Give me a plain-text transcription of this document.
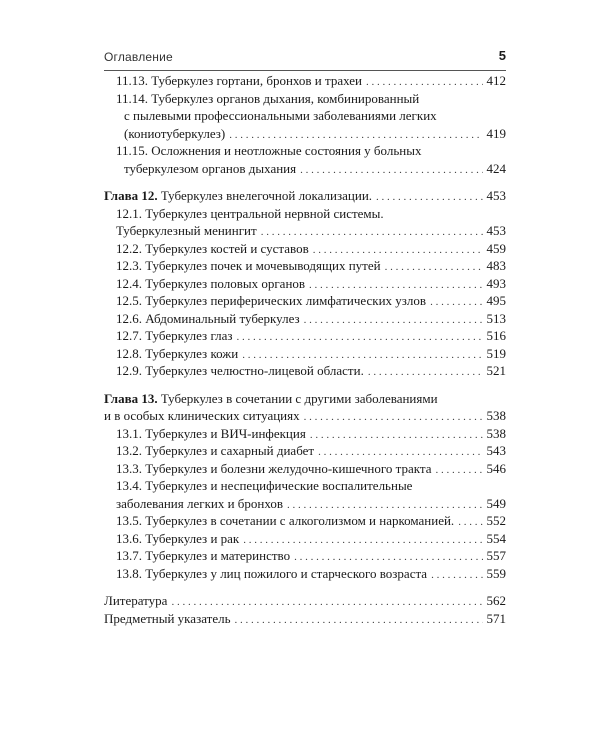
Оглавление	5
11.13. Туберкулез гортани, бронхов и трахеи . . .	412
11.14. Туберкулез органов дыхания, комбинированный
с пылевыми профессиональными заболеваниями легких
(кониотуберкулез) . . .	419
11.15. Осложнения и неотложные состояния у больных
туберкулезом органов дыхания . . .	424
Глава 12. Туберкулез внелегочной локализации. . . .	453
12.1. Туберкулез центральной нервной системы.
Туберкулезный менингит . . .	453
12.2. Туберкулез костей и суставов . . .	459
12.3. Туберкулез почек и мочевыводящих путей . . .	483
12.4. Туберкулез половых органов . . .	493
12.5. Туберкулез периферических лимфатических узлов . . .	495
12.6. Абдоминальный туберкулез . . .	513
12.7. Туберкулез глаз . . .	516
12.8. Туберкулез кожи . . .	519
12.9. Туберкулез челюстно-лицевой области. . . .	521
Глава 13. Туберкулез в сочетании с другими заболеваниями
и в особых клинических ситуациях . . .	538
13.1. Туберкулез и ВИЧ-инфекция . . .	538
13.2. Туберкулез и сахарный диабет . . .	543
13.3. Туберкулез и болезни желудочно-кишечного тракта . . .	546
13.4. Туберкулез и неспецифические воспалительные
заболевания легких и бронхов . . .	549
13.5. Туберкулез в сочетании с алкоголизмом и наркоманией. . . .	552
13.6. Туберкулез и рак . . .	554
13.7. Туберкулез и материнство . . .	557
13.8. Туберкулез у лиц пожилого и старческого возраста . . .	559
Литература . . .	562
Предметный указатель . . .	571
